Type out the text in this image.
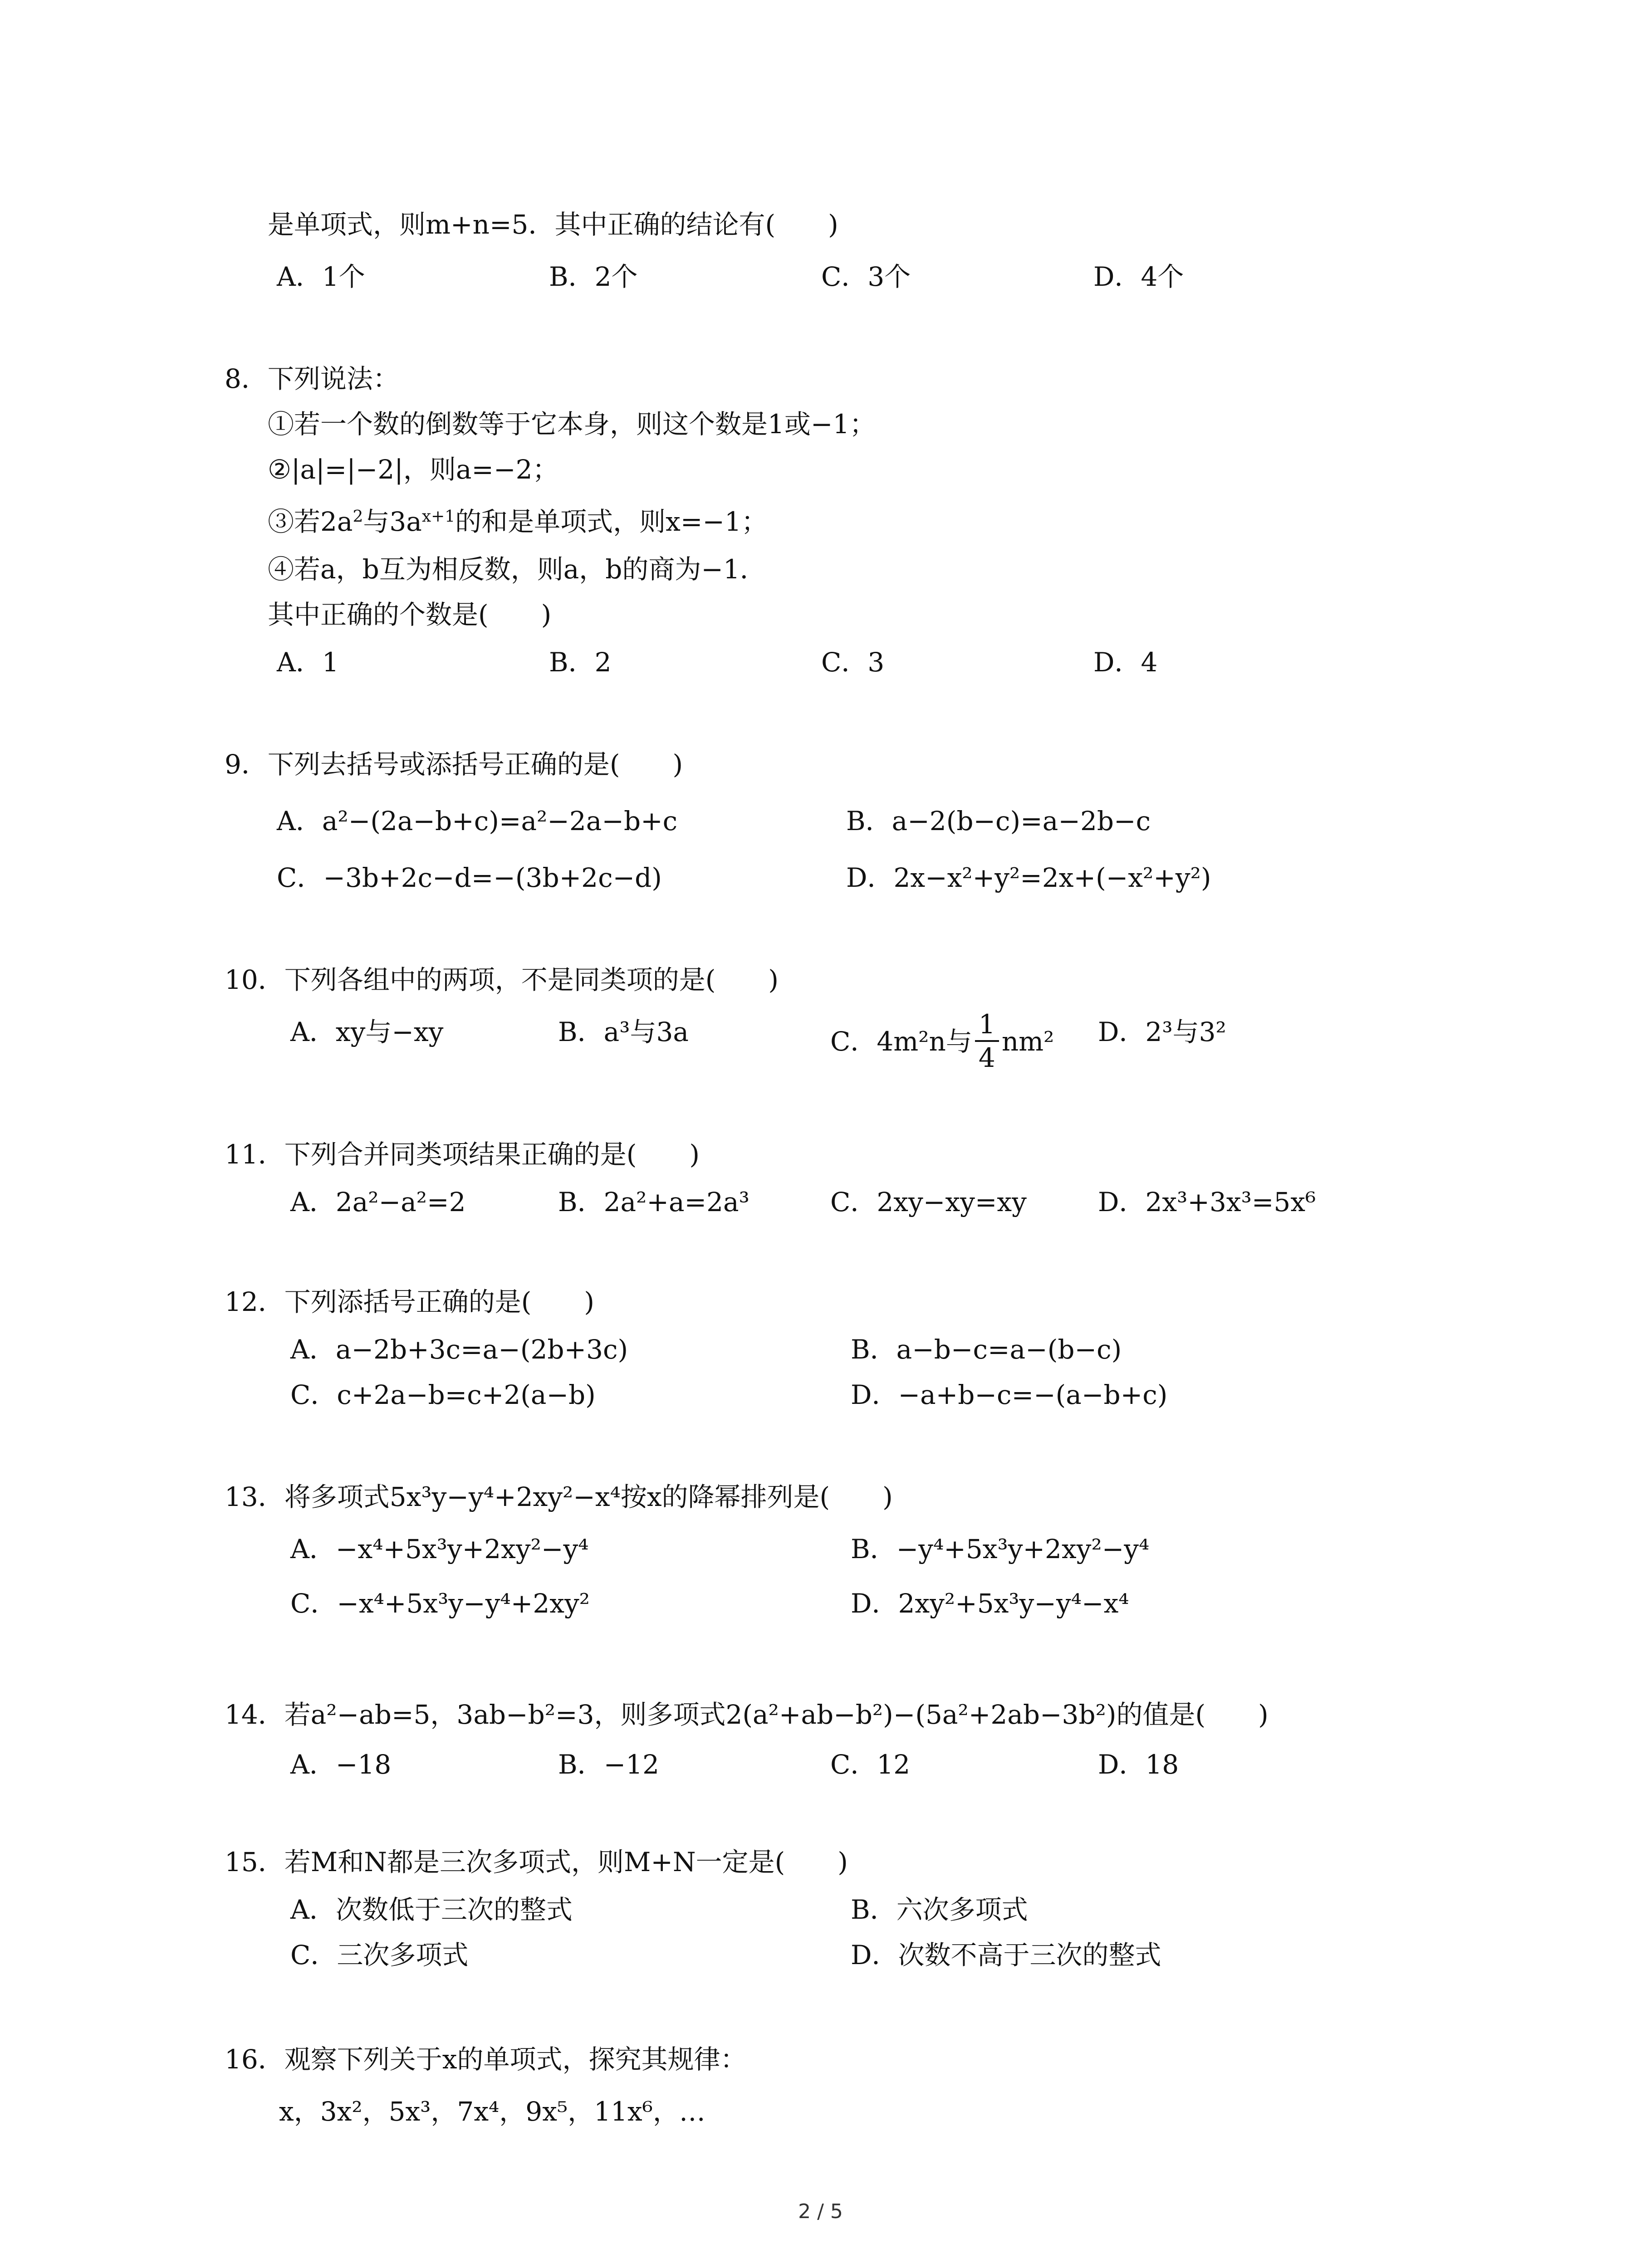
是单项式，则m+n=5．其中正确的结论有(　　)
A．1个	B．2个	C．3个	D．4个
8．下列说法：
①若一个数的倒数等于它本身，则这个数是1或−1；
②|a|=|−2|，则a=−2；
③若$2a^2$与$3a^{x+1}$的和是单项式，则x=−1；
④若a，b互为相反数，则a，b的商为−1．
其中正确的个数是(　　)
A．1	B．2	C．3	D．4
9．下列去括号或添括号正确的是(　　)
A．a²−(2a−b+c)=a²−2a−b+c	B．a−2(b−c)=a−2b−c
C．−3b+2c−d=−(3b+2c−d)	D．2x−x²+y²=2x+(−x²+y²)
10．下列各组中的两项，不是同类项的是(　　)
A．xy与−xy	B．a³与3a	C．4m²n与 $\frac{1}{4} nm^2$ D．2³与3²
11．下列合并同类项结果正确的是(　　)
A．2a²−a²=2	B．2a²+a=2a³	C．2xy−xy=xy	D．2x³+3x³=5x⁶
12．下列添括号正确的是(　　)
A．a−2b+3c=a−(2b+3c)	B．a−b−c=a−(b−c)
C．c+2a−b=c+2(a−b)	D．−a+b−c=−(a−b+c)
13．将多项式5x³y−y⁴+2xy²−x⁴按x的降幂排列是(　　)
A．−x⁴+5x³y+2xy²−y⁴	B．−y⁴+5x³y+2xy²−y⁴
C．−x⁴+5x³y−y⁴+2xy²	D．2xy²+5x³y−y⁴−x⁴
14．若a²−ab=5，3ab−b²=3，则多项式2(a²+ab−b²)−(5a²+2ab−3b²)的值是(　　)
A．−18	B．−12	C．12	D．18
15．若M和N都是三次多项式，则M+N一定是(　　)
A．次数低于三次的整式	B．六次多项式
C．三次多项式	D．次数不高于三次的整式
16．观察下列关于x的单项式，探究其规律：
x，3x²，5x³，7x⁴，9x⁵，11x⁶，…
2 / 5
